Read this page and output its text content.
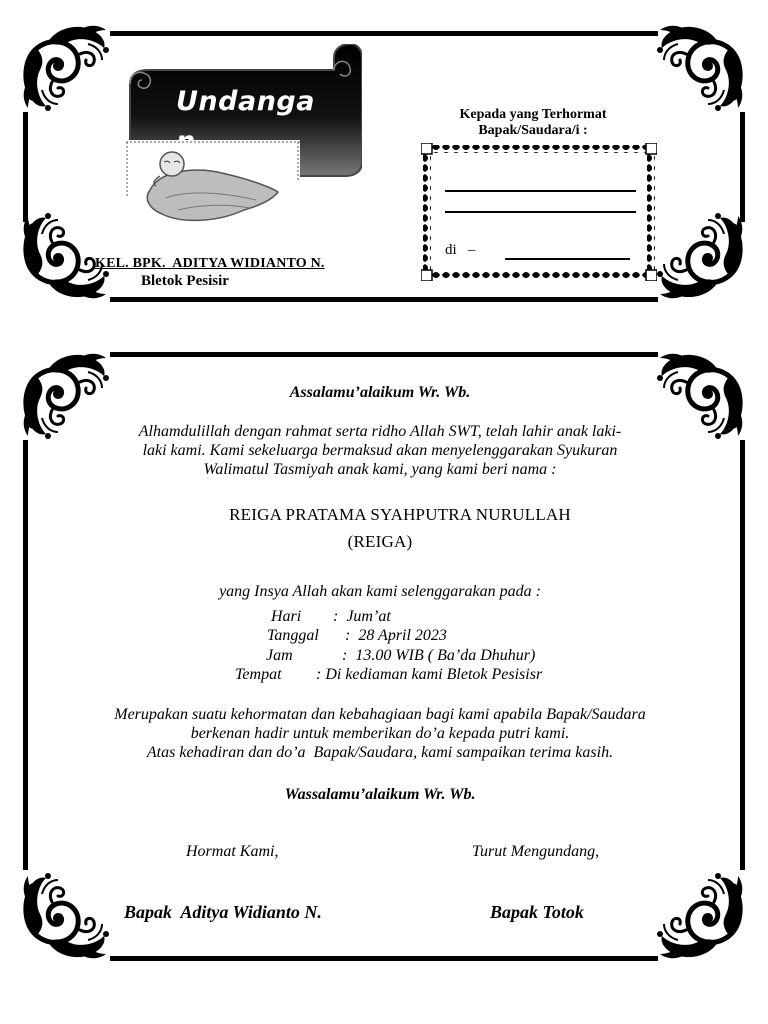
Undanga	Kepada yang Terhormat
Bapak/Saudara/i :
di   –
KEL. BPK.  ADITYA WIDIANTO N.
Bletok Pesisir
Assalamu’alaikum Wr. Wb.
Alhamdulillah dengan rahmat serta ridho Allah SWT, telah lahir anak laki-
laki kami. Kami sekeluarga bermaksud akan menyelenggarakan Syukuran
Walimatul Tasmiyah anak kami, yang kami beri nama :
REIGA PRATAMA SYAHPUTRA NURULLAH
(REIGA)
yang Insya Allah akan kami selenggarakan pada :
Hari :  Jum’at
Tanggal :  28 April 2023
Jam	:  13.00 WIB ( Ba’da Dhuhur)
Tempat : Di kediaman kami Bletok Pesisisr
Merupakan suatu kehormatan dan kebahagiaan bagi kami apabila Bapak/Saudara
berkenan hadir untuk memberikan do’a kepada putri kami.
Atas kehadiran dan do’a  Bapak/Saudara, kami sampaikan terima kasih.
Wassalamu’alaikum Wr. Wb.
Hormat Kami,	Turut Mengundang,
Bapak  Aditya Widianto N.	Bapak Totok
